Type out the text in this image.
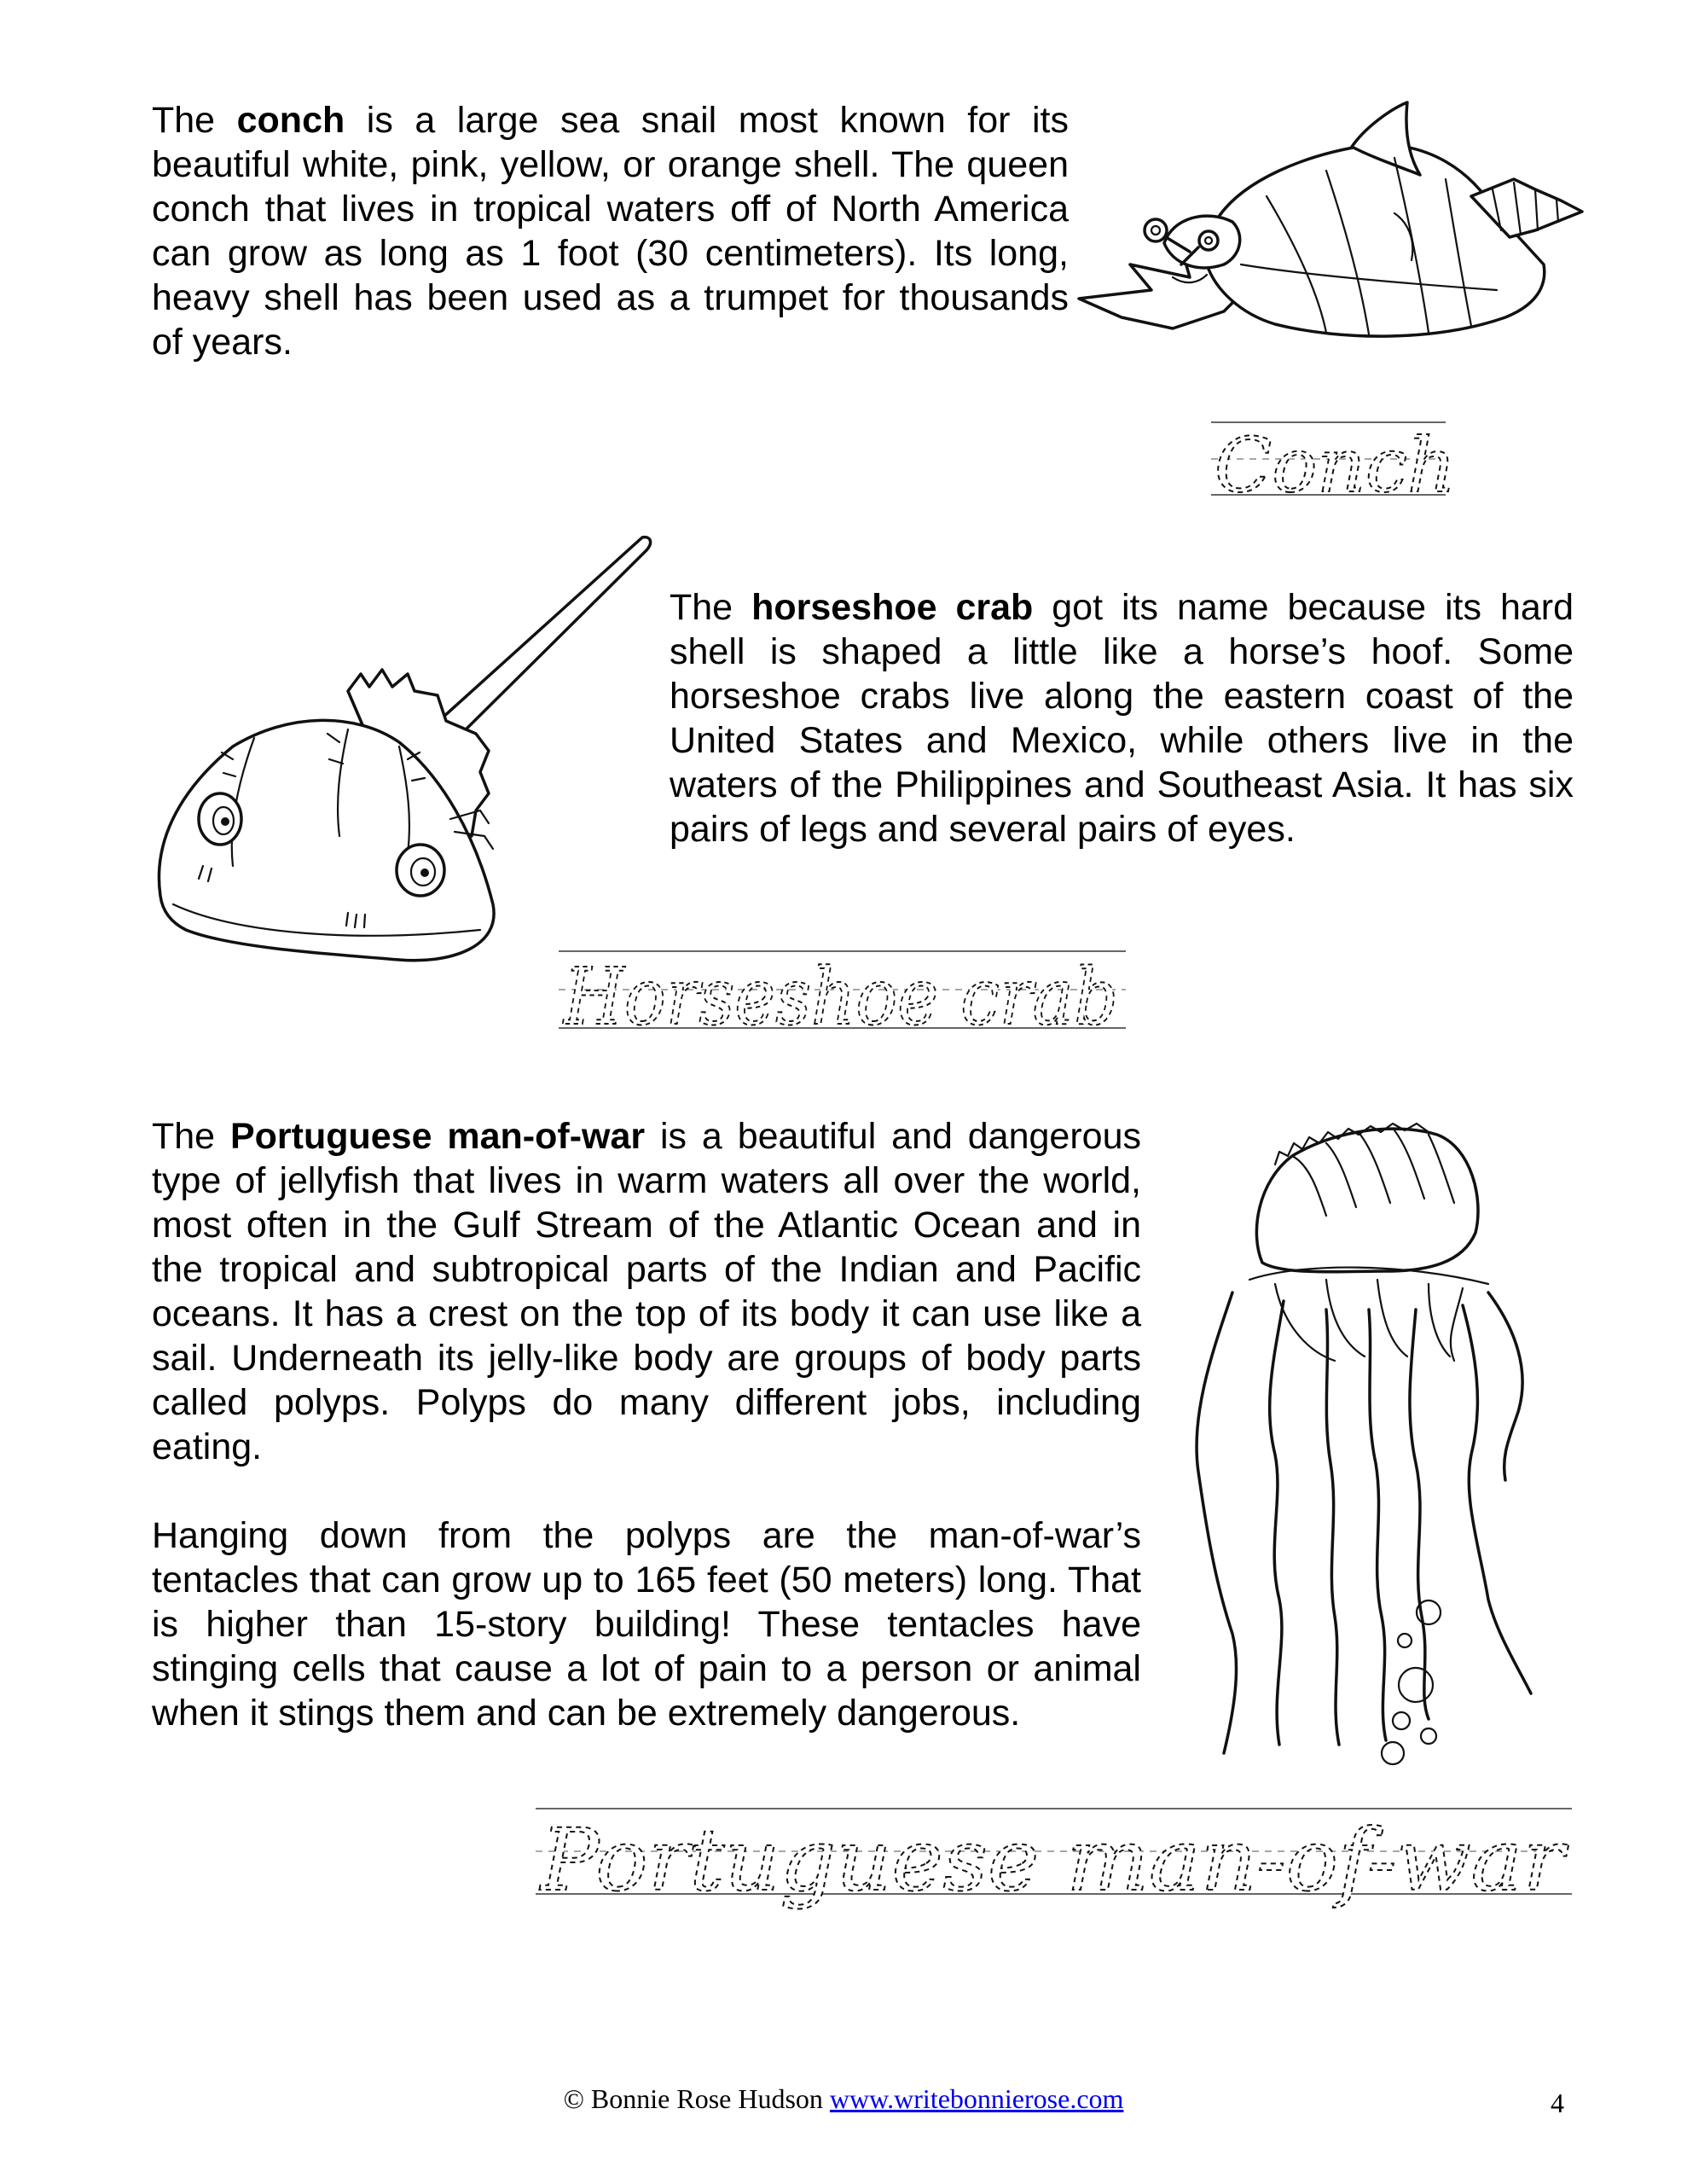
The conch is a large sea snail most known for its beautiful white, pink, yellow, or orange shell. The queen conch that lives in tropical waters off of North America can grow as long as 1 foot (30 centimeters). Its long, heavy shell has been used as a trumpet for thousands of years.

Conch

The horseshoe crab got its name because its hard shell is shaped a little like a horse’s hoof. Some horseshoe crabs live along the eastern coast of the United States and Mexico, while others live in the waters of the Philippines and Southeast Asia. It has six pairs of legs and several pairs of eyes.

Horseshoe crab

The Portuguese man-of-war is a beautiful and dangerous type of jellyfish that lives in warm waters all over the world, most often in the Gulf Stream of the Atlantic Ocean and in the tropical and subtropical parts of the Indian and Pacific oceans. It has a crest on the top of its body it can use like a sail. Underneath its jelly-like body are groups of body parts called polyps. Polyps do many different jobs, including eating.

Hanging down from the polyps are the man-of-war’s tentacles that can grow up to 165 feet (50 meters) long. That is higher than 15-story building! These tentacles have stinging cells that cause a lot of pain to a person or animal when it stings them and can be extremely dangerous.

Portuguese man-of-war
© Bonnie Rose Hudson www.writebonnierose.com	4
